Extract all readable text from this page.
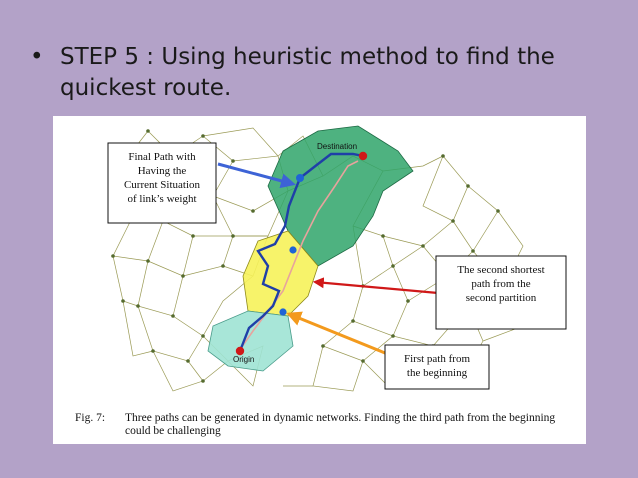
• STEP 5 : Using heuristic method to find the quickest route.
Destination
Origin
Final Path with
Having the
Current Situation
of link’s weight
The second shortest
path from the
second partition
First path from
the beginning
Fig. 7:	Three paths can be generated in dynamic networks. Finding the third path from the beginning could be challenging
